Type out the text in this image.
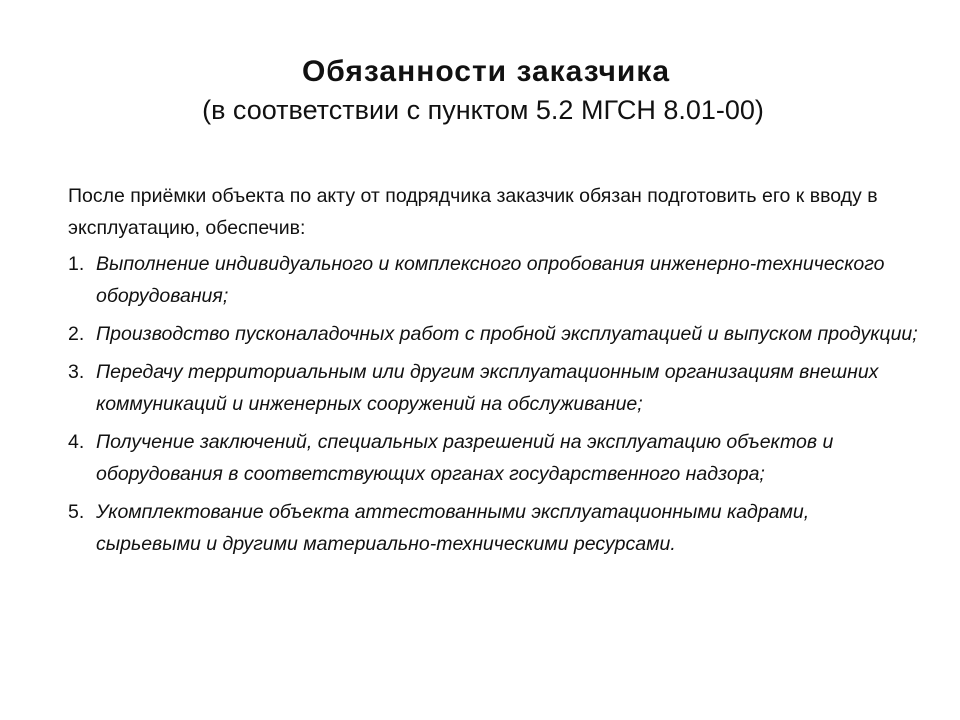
Обязанности заказчика
(в соответствии с пунктом 5.2 МГСН 8.01-00)

После приёмки объекта по акту от подрядчика заказчик обязан подготовить его к вводу в эксплуатацию, обеспечив:

1. Выполнение индивидуального и комплексного опробования инженерно-технического оборудования;
2. Производство пусконаладочных работ с пробной эксплуатацией и выпуском продукции;
3. Передачу территориальным или другим эксплуатационным организациям внешних коммуникаций и инженерных сооружений на обслуживание;
4. Получение заключений, специальных разрешений на эксплуатацию объектов и оборудования в соответствующих органах государственного надзора;
5. Укомплектование объекта аттестованными эксплуатационными кадрами, сырьевыми и другими материально-техническими ресурсами.
